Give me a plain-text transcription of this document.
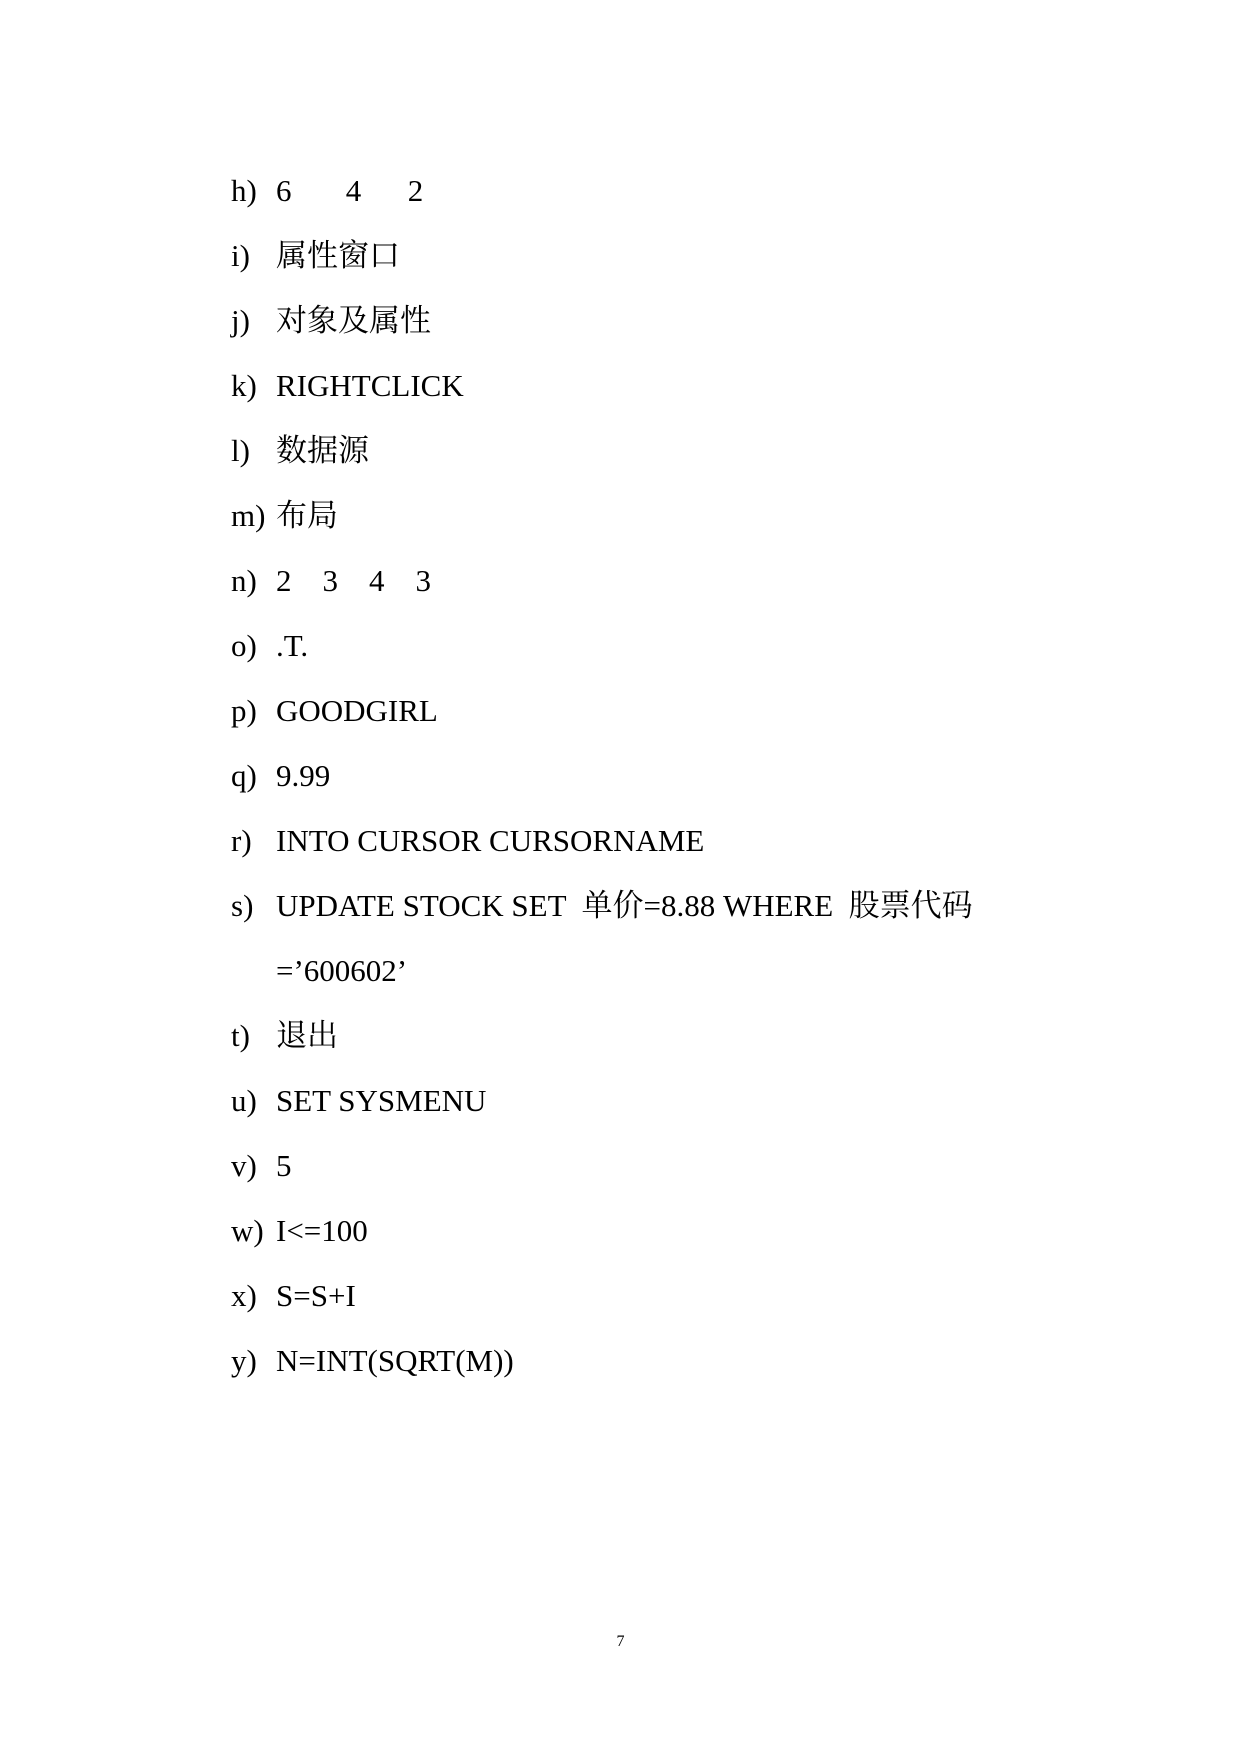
h) 6       4      2
i) 属性窗口
j) 对象及属性
k) RIGHTCLICK
l) 数据源
m) 布局
n) 2    3    4    3
o) .T.
p) GOODGIRL
q) 9.99
r) INTO CURSOR CURSORNAME
s) UPDATE STOCK SET  单价=8.88 WHERE  股票代码 =’600602’
t) 退出
u) SET SYSMENU
v) 5
w) I<=100
x) S=S+I
y) N=INT(SQRT(M))
7
